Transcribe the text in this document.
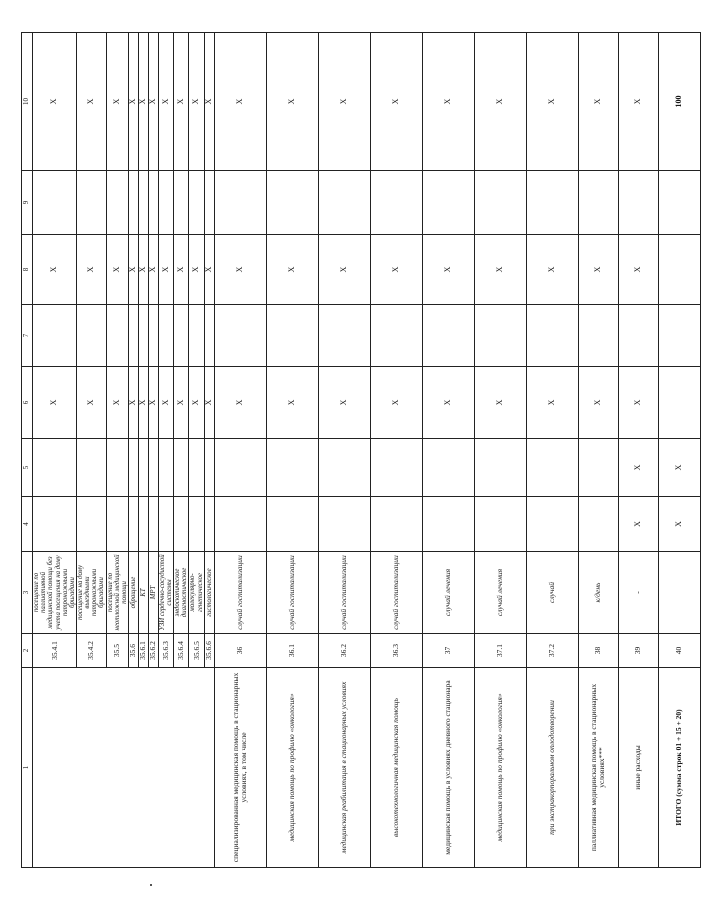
1	2	3	4	5	6	7	8	9	10
	35.4.1	посещение по паллиативной медицинской помощи без учета посещения на дому патронажными бригадами			X		X		X
	35.4.2	посещение на дому выездными патронажными бригадами			X		X		X
	35.5	посещение по неотложной медицинской помощи			X		X		X
	35.6	обращение			X		X		X
	35.6.1	КТ			X		X		X
	35.6.2	МРТ			X		X		X
	35.6.3	УЗИ сердечно-сосудистой системы			X		X		X
	35.6.4	эндоскопическое диагностическое			X		X		X
	35.6.5	молекулярно-генетическое			X		X		X
	35.6.6	гистологическое			X		X		X
специализированная медицинская помощь в стационарных условиях, в том числе	36	случай госпитализации			X		X		X
медицинская помощь по профилю «онкология»	36.1	случай госпитализации			X		X		X
медицинская реабилитация в стационарных условиях	36.2	случай госпитализации			X		X		X
высокотехнологичная медицинская помощь	36.3	случай госпитализации			X		X		X
медицинская помощь в условиях дневного стационара	37	случай лечения			X		X		X
медицинская помощь по профилю «онкология»	37.1	случай лечения			X		X		X
при экстракорпоральном оплодотворении	37.2	случай			X		X		X
паллиативная медицинская помощь в стационарных условиях***	38	к/день			X		X		X
иные расходы	39	-	X	X	X		X		X
ИТОГО (сумма строк 01 + 15 + 20)	40		X	X					100
